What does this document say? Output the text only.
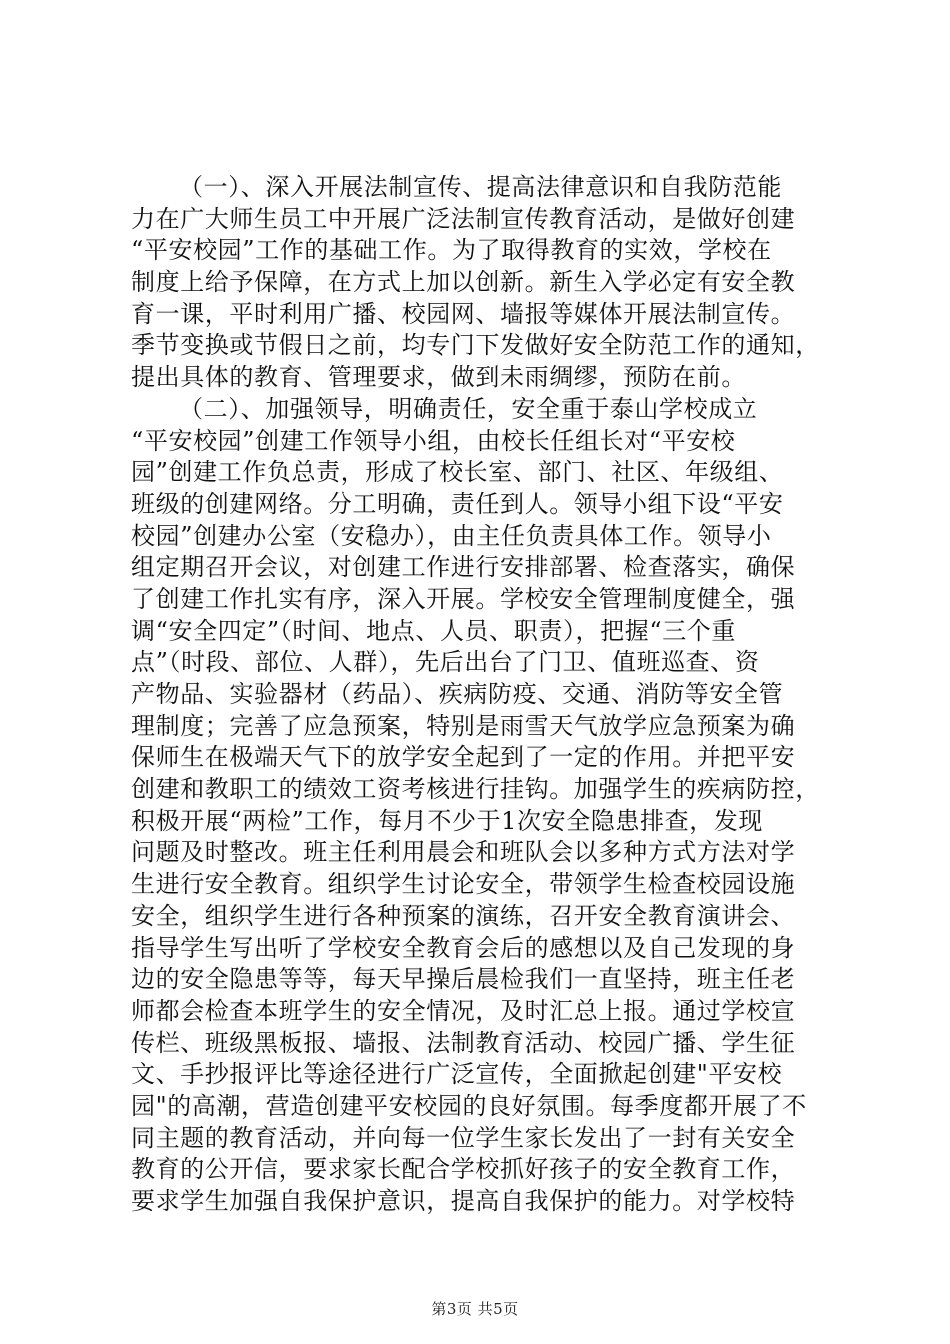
（一）、深入开展法制宣传、提高法律意识和自我防范能
力在广大师生员工中开展广泛法制宣传教育活动，是做好创建
“平安校园”工作的基础工作。为了取得教育的实效，学校在
制度上给予保障，在方式上加以创新。新生入学必定有安全教
育一课，平时利用广播、校园网、墙报等媒体开展法制宣传。
季节变换或节假日之前，均专门下发做好安全防范工作的通知，
提出具体的教育、管理要求，做到未雨绸缪，预防在前。
（二）、加强领导，明确责任，安全重于泰山学校成立
“平安校园”创建工作领导小组，由校长任组长对“平安校
园”创建工作负总责，形成了校长室、部门、社区、年级组、
班级的创建网络。分工明确，责任到人。领导小组下设“平安
校园”创建办公室（安稳办），由主任负责具体工作。领导小
组定期召开会议，对创建工作进行安排部署、检查落实，确保
了创建工作扎实有序，深入开展。学校安全管理制度健全，强
调“安全四定”（时间、地点、人员、职责），把握“三个重
点”（时段、部位、人群），先后出台了门卫、值班巡查、资
产物品、实验器材（药品）、疾病防疫、交通、消防等安全管
理制度；完善了应急预案，特别是雨雪天气放学应急预案为确
保师生在极端天气下的放学安全起到了一定的作用。并把平安
创建和教职工的绩效工资考核进行挂钩。加强学生的疾病防控，
积极开展“两检”工作，每月不少于1次安全隐患排查，发现
问题及时整改。班主任利用晨会和班队会以多种方式方法对学
生进行安全教育。组织学生讨论安全，带领学生检查校园设施
安全，组织学生进行各种预案的演练，召开安全教育演讲会、
指导学生写出听了学校安全教育会后的感想以及自己发现的身
边的安全隐患等等，每天早操后晨检我们一直坚持，班主任老
师都会检查本班学生的安全情况，及时汇总上报。通过学校宣
传栏、班级黑板报、墙报、法制教育活动、校园广播、学生征
文、手抄报评比等途径进行广泛宣传，全面掀起创建"平安校
园"的高潮，营造创建平安校园的良好氛围。每季度都开展了不
同主题的教育活动，并向每一位学生家长发出了一封有关安全
教育的公开信，要求家长配合学校抓好孩子的安全教育工作，
要求学生加强自我保护意识，提高自我保护的能力。对学校特
第3页 共5页
